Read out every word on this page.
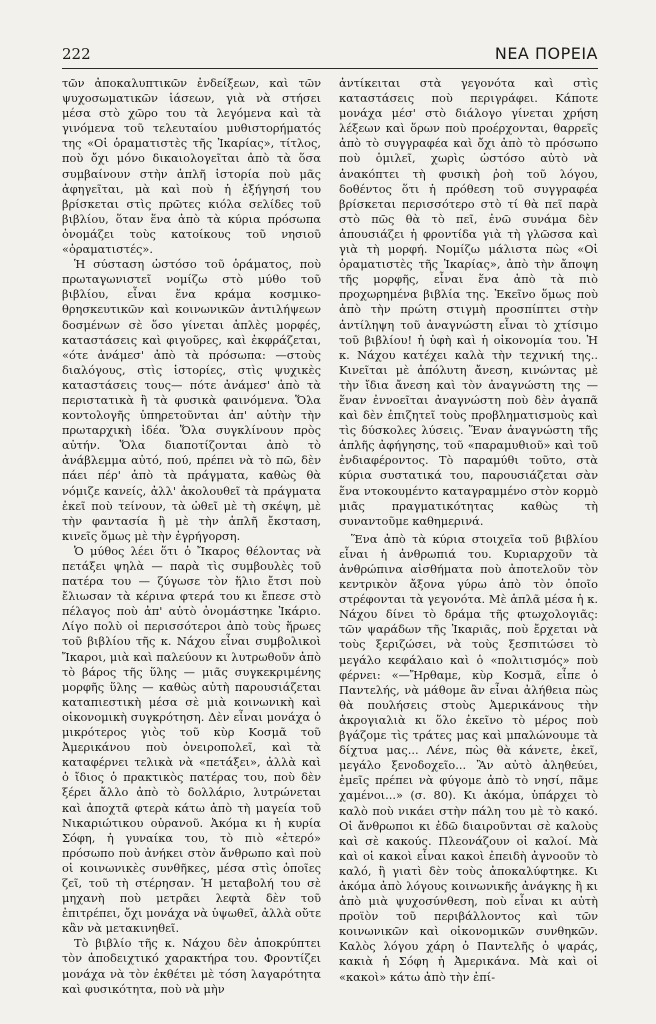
222	ΝΕΑ ΠΟΡΕΙΑ

τῶν ἀποκαλυπτικῶν ἐνδείξεων, καὶ τῶν ψυχοσωματικῶν ἰάσεων, γιὰ νὰ στήσει μέσα στὸ χῶρο του τὰ λεγόμενα καὶ τὰ γινόμενα τοῦ τελευταίου μυθιστορήματός της «Οἱ ὁραματιστὲς τῆς Ἰκαρίας», τίτλος, ποὺ ὄχι μόνο δικαιολογεῖται ἀπὸ τὰ ὅσα συμβαίνουν στὴν ἁπλῆ ἱστορία ποὺ μᾶς ἀφηγεῖται, μὰ καὶ ποὺ ἡ ἐξήγησή του βρίσκεται στὶς πρῶτες κιόλα σελίδες τοῦ βιβλίου, ὅταν ἕνα ἀπὸ τὰ κύρια πρόσωπα ὀνομάζει τοὺς κατοίκους τοῦ νησιοῦ «ὁραματιστές».

Ἡ σύσταση ὡστόσο τοῦ ὁράματος, ποὺ πρωταγωνιστεῖ νομίζω στὸ μύθο τοῦ βιβλίου, εἶναι ἕνα κράμα κοσμικο-θρησκευτικῶν καὶ κοινωνικῶν ἀντιλήψεων δοσμένων σὲ ὅσο γίνεται ἁπλὲς μορφές, καταστάσεις καὶ φιγοῦρες, καὶ ἐκφράζεται, «ότε ἀνάμεσ' ἀπὸ τὰ πρόσωπα: —στοὺς διαλόγους, στὶς ἱστορίες, στὶς ψυχικὲς καταστάσεις τους— πότε ἀνάμεσ' ἀπὸ τὰ περιστατικὰ ἢ τὰ φυσικὰ φαινόμενα. Ὅλα κοντολογῆς ὑπηρετοῦνται ἀπ' αὐτὴν τὴν πρωταρχικὴ ἰδέα. Ὅλα συγκλίνουν πρὸς αὐτήν. Ὅλα διαποτίζονται ἀπὸ τὸ ἀνάβλεμμα αὐτό, πού, πρέπει νὰ τὸ πῶ, δὲν πάει πέρ' ἀπὸ τὰ πράγματα, καθὼς θὰ νόμιζε κανείς, ἀλλ' ἀκολουθεῖ τὰ πράγματα ἐκεῖ ποὺ τείνουν, τὰ ὠθεῖ μὲ τὴ σκέψη, μὲ τὴν φαντασία ἢ μὲ τὴν ἁπλῆ ἔκσταση, κινεῖς ὅμως μὲ τὴν ἐγρήγορση.

Ὁ μύθος λέει ὅτι ὁ Ἴκαρος θέλοντας νὰ πετάξει ψηλὰ — παρὰ τὶς συμβουλὲς τοῦ πατέρα του — ζύγωσε τὸν ἥλιο ἔτσι ποὺ ἔλιωσαν τὰ κέρινα φτερά του κι ἔπεσε στὸ πέλαγος ποὺ ἀπ' αὐτὸ ὀνομάστηκε Ἰκάριο. Λίγο πολὺ οἱ περισσότεροι ἀπὸ τοὺς ἥρωες τοῦ βιβλίου τῆς κ. Νάχου εἶναι συμβολικοὶ Ἴκαροι, μιὰ καὶ παλεύουν κι λυτρωθοῦν ἀπὸ τὸ βάρος τῆς ὕλης — μιᾶς συγκεκριμένης μορφῆς ὕλης — καθὼς αὐτὴ παρουσιάζεται καταπιεστικὴ μέσα σὲ μιὰ κοινωνικὴ καὶ οἰκονομικὴ συγκρότηση. Δὲν εἶναι μονάχα ὁ μικρότερος γιὸς τοῦ κὺρ Κοσμᾶ τοῦ Ἀμερικάνου ποὺ ὀνειροπολεῖ, καὶ τὰ καταφέρνει τελικὰ νὰ «πετάξει», ἀλλὰ καὶ ὁ ἴδιος ὁ πρακτικὸς πατέρας του, ποὺ δὲν ξέρει ἄλλο ἀπὸ τὸ δολλάριο, λυτρώνεται καὶ ἀποχτᾶ φτερὰ κάτω ἀπὸ τὴ μαγεία τοῦ Νικαριώτικου οὐρανοῦ. Ἀκόμα κι ἡ κυρία Σόφη, ἡ γυναίκα του, τὸ πιὸ «ἐτερό» πρόσωπο ποὺ ἀνήκει στὸν ἄνθρωπο καὶ ποὺ οἱ κοινωνικὲς συνθῆκες, μέσα στὶς ὁποῖες ζεῖ, τοῦ τὴ στέρησαν. Ἡ μεταβολή του σὲ μηχανὴ ποὺ μετρᾶει λεφτὰ δὲν τοῦ ἐπιτρέπει, ὄχι μονάχα νὰ ὑψωθεῖ, ἀλλὰ οὔτε κἂν νὰ μετακινηθεῖ.

Τὸ βιβλίο τῆς κ. Νάχου δὲν ἀποκρύπτει τὸν ἀποδειχτικό χαρακτήρα του. Φροντίζει μονάχα νὰ τὸν ἐκθέτει μὲ τόση λαγαρότητα καὶ φυσικότητα, ποὺ νὰ μὴν

ἀντίκειται στὰ γεγονότα καὶ στὶς καταστάσεις ποὺ περιγράφει. Κάποτε μονάχα μέσ' στὸ διάλογο γίνεται χρήση λέξεων καὶ ὅρων ποὺ προέρχονται, θαρρεῖς ἀπὸ τὸ συγγραφέα καὶ ὄχι ἀπὸ τὸ πρόσωπο ποὺ ὁμιλεῖ, χωρὶς ὡστόσο αὐτὸ νὰ ἀνακόπτει τὴ φυσικὴ ῥοὴ τοῦ λόγου, δοθέντος ὅτι ἡ πρόθεση τοῦ συγγραφέα βρίσκεται περισσότερο στὸ τί θὰ πεῖ παρὰ στὸ πῶς θὰ τὸ πεῖ, ἐνῶ συνάμα δὲν ἀπουσιάζει ἡ φροντίδα γιὰ τὴ γλῶσσα καὶ γιὰ τὴ μορφή. Νομίζω μάλιστα πὼς «Οἱ ὁραματιστὲς τῆς Ἰκαρίας», ἀπὸ τὴν ἄποψη τῆς μορφῆς, εἶναι ἕνα ἀπὸ τὰ πιὸ προχωρημένα βιβλία της. Ἐκεῖνο ὅμως ποὺ ἀπὸ τὴν πρώτη στιγμὴ προσπίπτει στὴν ἀντίληψη τοῦ ἀναγνώστη εἶναι τὸ χτίσιμο τοῦ βιβλίου! ἡ ὑφὴ καὶ ἡ οἰκονομία του. Ἡ κ. Νάχου κατέχει καλὰ τὴν τεχνική της.. Κινεῖται μὲ ἀπόλυτη ἄνεση, κινώντας μὲ τὴν ἴδια ἄνεση καὶ τὸν ἀναγνώστη της — ἕναν ἐννοεῖται ἀναγνώστη ποὺ δὲν ἀγαπᾶ καὶ δὲν ἐπιζητεῖ τοὺς προβληματισμοὺς καὶ τὶς δύσκολες λύσεις. Ἕναν ἀναγνώστη τῆς ἁπλῆς ἀφήγησης, τοῦ «παραμυθιοῦ» καὶ τοῦ ἐνδιαφέροντος. Τὸ παραμύθι τοῦτο, στὰ κύρια συστατικά του, παρουσιάζεται σὰν ἕνα ντοκουμέντο καταγραμμένο στὸν κορμὸ μιᾶς πραγματικότητας καθὼς τὴ συναντοῦμε καθημερινά.

Ἕνα ἀπὸ τὰ κύρια στοιχεῖα τοῦ βιβλίου εἶναι ἡ ἀνθρωπιά του. Κυριαρχοῦν τὰ ἀνθρώπινα αἰσθήματα ποὺ ἀποτελοῦν τὸν κεντρικὸν ἄξονα γύρω ἀπὸ τὸν ὁποῖο στρέφονται τὰ γεγονότα. Μὲ ἁπλᾶ μέσα ἡ κ. Νάχου δίνει τὸ δράμα τῆς φτωχολογιᾶς: τῶν ψαράδων τῆς Ἰκαριᾶς, ποὺ ἔρχεται νὰ τοὺς ξεριζώσει, νὰ τοὺς ξεσπιτώσει τὸ μεγάλο κεφάλαιο καὶ ὁ «πολιτισμός» ποὺ φέρνει: «—Ἤρθαμε, κὺρ Κοσμᾶ, εἶπε ὁ Παντελής, νὰ μάθομε ἂν εἶναι ἀλήθεια πὼς θὰ πουλήσεις στοὺς Ἀμερικάνους τὴν ἀκρογιαλιὰ κι ὅλο ἐκεῖνο τὸ μέρος ποὺ βγάζομε τὶς τράτες μας καὶ μπαλώνουμε τὰ δίχτυα μας... Λένε, πὼς θὰ κάνετε, ἐκεῖ, μεγάλο ξενοδοχεῖο... Ἂν αὐτὸ ἀληθεύει, ἐμεῖς πρέπει νὰ φύγομε ἀπὸ τὸ νησί, πᾶμε χαμένοι...» (σ. 80). Κι ἀκόμα, ὑπάρχει τὸ καλὸ ποὺ νικάει στὴν πάλη του μὲ τὸ κακό. Οἱ ἄνθρωποι κι ἐδῶ διαιροῦνται σὲ καλοὺς καὶ σὲ κακούς. Πλεονάζουν οἱ καλοί. Μὰ καὶ οἱ κακοὶ εἶναι κακοὶ ἐπειδὴ ἀγνοοῦν τὸ καλό, ἢ γιατὶ δὲν τοὺς ἀποκαλύφτηκε. Κι ἀκόμα ἀπὸ λόγους κοινωνικῆς ἀνάγκης ἢ κι ἀπὸ μιὰ ψυχοσύνθεση, ποὺ εἶναι κι αὐτὴ προϊὸν τοῦ περιβάλλοντος καὶ τῶν κοινωνικῶν καὶ οἰκονομικῶν συνθηκῶν. Καλὸς λόγου χάρη ὁ Παντελῆς ὁ ψαράς, κακιὰ ἡ Σόφη ἡ Ἀμερικάνα. Μὰ καὶ οἱ «κακοὶ» κάτω ἀπὸ τὴν ἐπί-
